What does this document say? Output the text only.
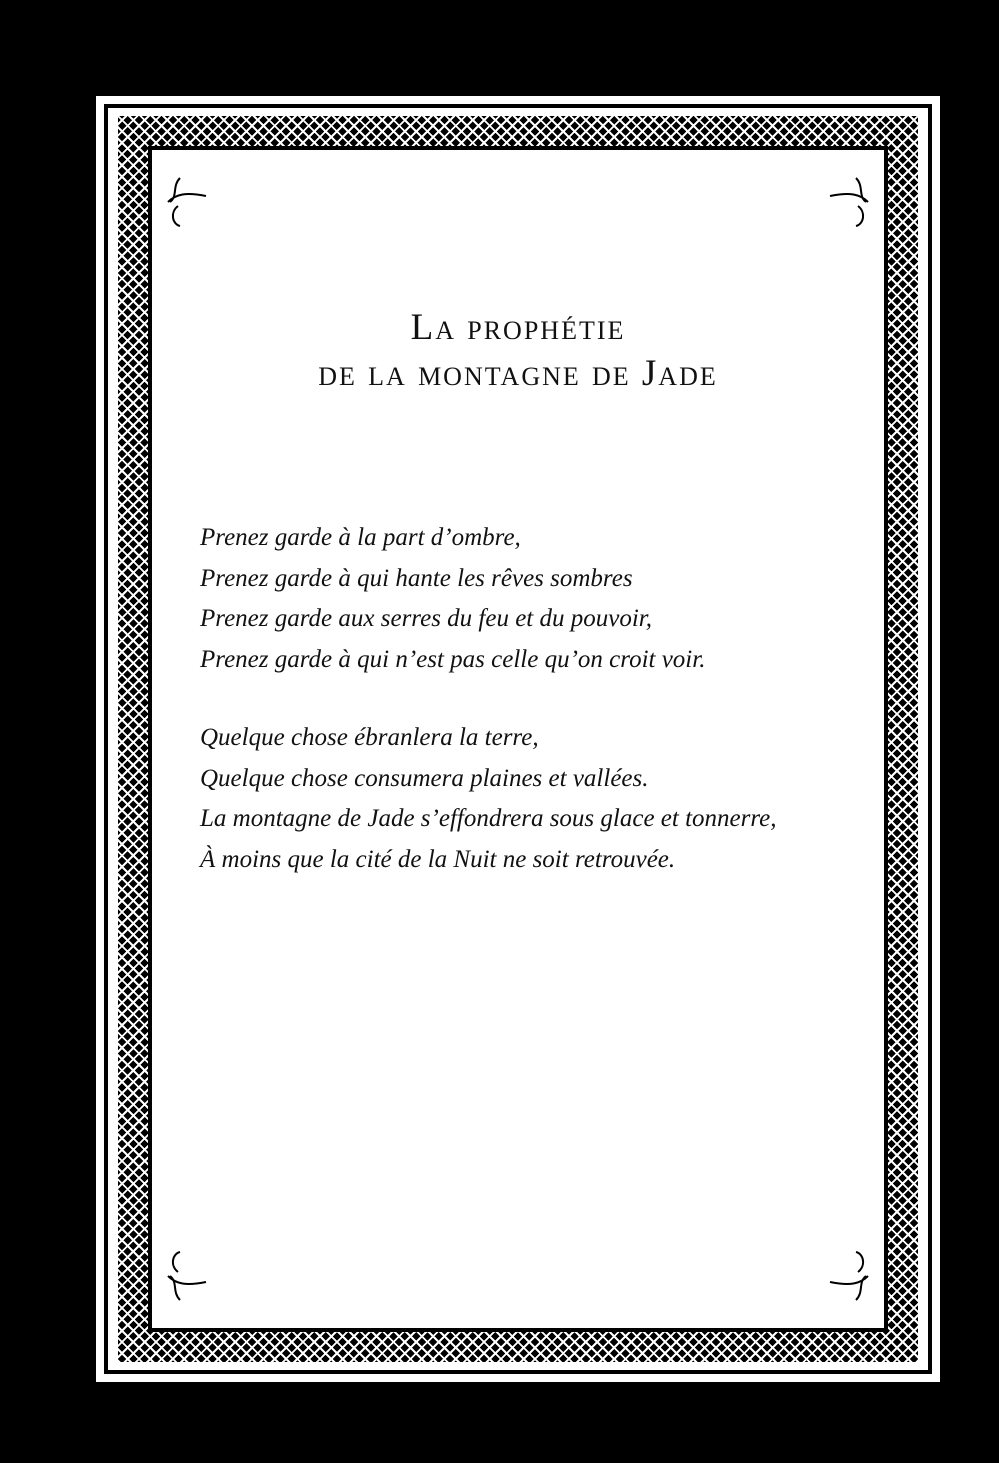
La prophétie
de la montagne de Jade

Prenez garde à la part d’ombre,

Prenez garde à qui hante les rêves sombres

Prenez garde aux serres du feu et du pouvoir,

Prenez garde à qui n’est pas celle qu’on croit voir.

Quelque chose ébranlera la terre,

Quelque chose consumera plaines et vallées.

La montagne de Jade s’effondrera sous glace et tonnerre,

À moins que la cité de la Nuit ne soit retrouvée.
